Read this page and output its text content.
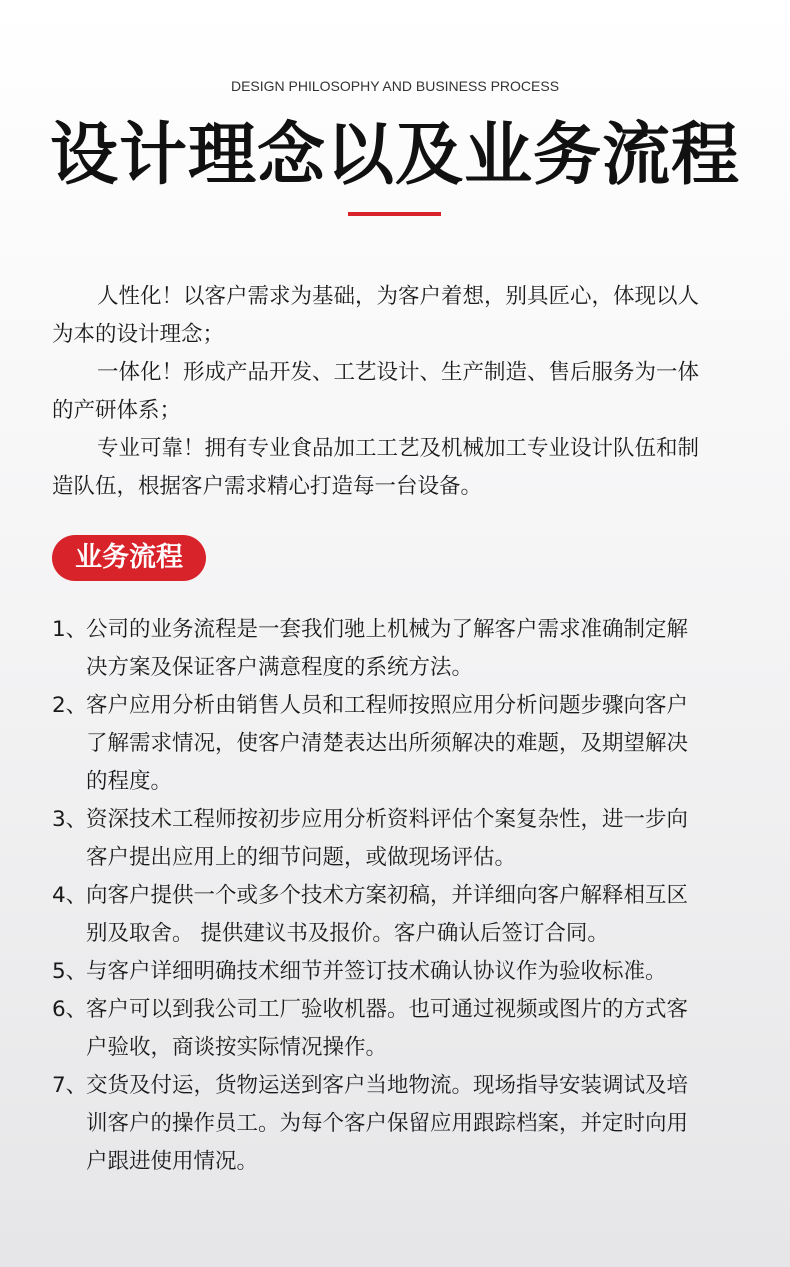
DESIGN PHILOSOPHY AND BUSINESS PROCESS
设计理念以及业务流程
人性化！以客户需求为基础，为客户着想，别具匠心，体现以人
为本的设计理念；
一体化！形成产品开发、工艺设计、生产制造、售后服务为一体
的产研体系；
专业可靠！拥有专业食品加工工艺及机械加工专业设计队伍和制
造队伍，根据客户需求精心打造每一台设备。
业务流程
1、
公司的业务流程是一套我们驰上机械为了解客户需求准确制定解
决方案及保证客户满意程度的系统方法。
2、
客户应用分析由销售人员和工程师按照应用分析问题步骤向客户
了解需求情况，使客户清楚表达出所须解决的难题，及期望解决
的程度。
3、
资深技术工程师按初步应用分析资料评估个案复杂性，进一步向
客户提出应用上的细节问题，或做现场评估。
4、
向客户提供一个或多个技术方案初稿，并详细向客户解释相互区
别及取舍。 提供建议书及报价。客户确认后签订合同。
5、
与客户详细明确技术细节并签订技术确认协议作为验收标准。
6、
客户可以到我公司工厂验收机器。也可通过视频或图片的方式客
户验收，商谈按实际情况操作。
7、
交货及付运，货物运送到客户当地物流。现场指导安装调试及培
训客户的操作员工。为每个客户保留应用跟踪档案，并定时向用
户跟进使用情况。
